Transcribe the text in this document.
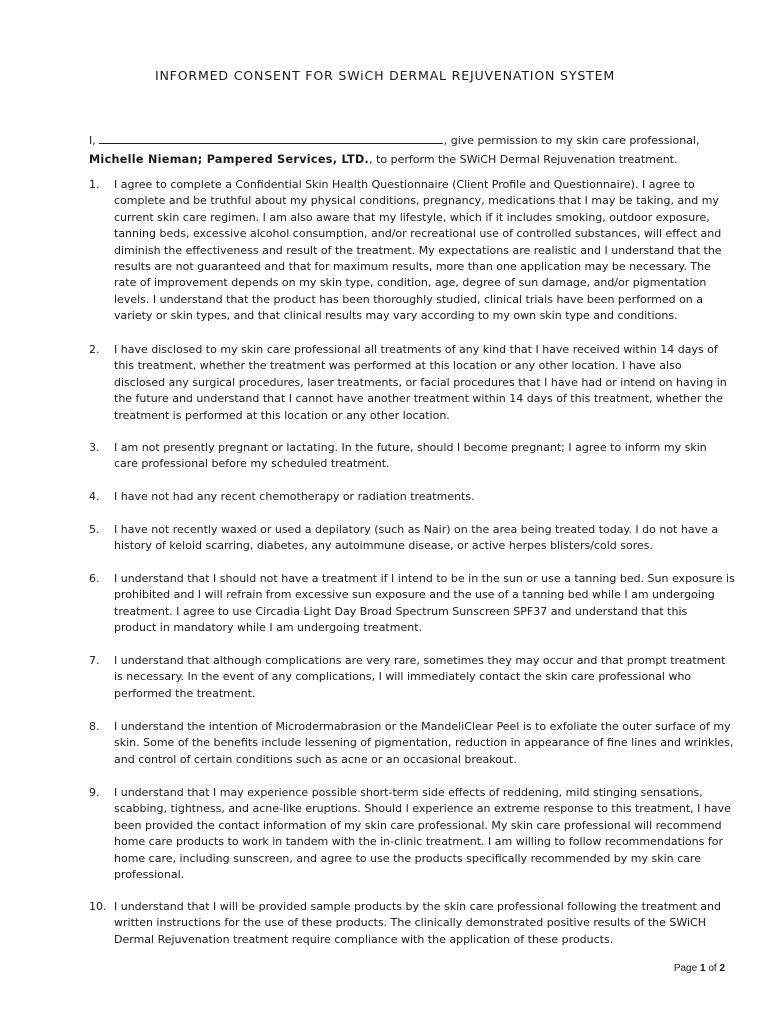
INFORMED CONSENT FOR SWiCH DERMAL REJUVENATION SYSTEM
I,	, give permission to my skin care professional,
Michelle Nieman; Pampered Services, LTD., to perform the SWiCH Dermal Rejuvenation treatment.
1.	I agree to complete a Confidential Skin Health Questionnaire (Client Profile and Questionnaire). I agree to
complete and be truthful about my physical conditions, pregnancy, medications that I may be taking, and my
current skin care regimen. I am also aware that my lifestyle, which if it includes smoking, outdoor exposure,
tanning beds, excessive alcohol consumption, and/or recreational use of controlled substances, will effect and
diminish the effectiveness and result of the treatment. My expectations are realistic and I understand that the
results are not guaranteed and that for maximum results, more than one application may be necessary. The
rate of improvement depends on my skin type, condition, age, degree of sun damage, and/or pigmentation
levels. I understand that the product has been thoroughly studied, clinical trials have been performed on a
variety or skin types, and that clinical results may vary according to my own skin type and conditions.
2.	I have disclosed to my skin care professional all treatments of any kind that I have received within 14 days of
this treatment, whether the treatment was performed at this location or any other location. I have also
disclosed any surgical procedures, laser treatments, or facial procedures that I have had or intend on having in
the future and understand that I cannot have another treatment within 14 days of this treatment, whether the
treatment is performed at this location or any other location.
3.	I am not presently pregnant or lactating. In the future, should I become pregnant; I agree to inform my skin
care professional before my scheduled treatment.
4.	I have not had any recent chemotherapy or radiation treatments.
5.	I have not recently waxed or used a depilatory (such as Nair) on the area being treated today. I do not have a
history of keloid scarring, diabetes, any autoimmune disease, or active herpes blisters/cold sores.
6.	I understand that I should not have a treatment if I intend to be in the sun or use a tanning bed. Sun exposure is
prohibited and I will refrain from excessive sun exposure and the use of a tanning bed while I am undergoing
treatment. I agree to use Circadia Light Day Broad Spectrum Sunscreen SPF37 and understand that this
product in mandatory while I am undergoing treatment.
7.	I understand that although complications are very rare, sometimes they may occur and that prompt treatment
is necessary. In the event of any complications, I will immediately contact the skin care professional who
performed the treatment.
8.	I understand the intention of Microdermabrasion or the MandeliClear Peel is to exfoliate the outer surface of my
skin. Some of the benefits include lessening of pigmentation, reduction in appearance of fine lines and wrinkles,
and control of certain conditions such as acne or an occasional breakout.
9.	I understand that I may experience possible short-term side effects of reddening, mild stinging sensations,
scabbing, tightness, and acne-like eruptions. Should I experience an extreme response to this treatment, I have
been provided the contact information of my skin care professional. My skin care professional will recommend
home care products to work in tandem with the in-clinic treatment. I am willing to follow recommendations for
home care, including sunscreen, and agree to use the products specifically recommended by my skin care
professional.
10. I understand that I will be provided sample products by the skin care professional following the treatment and
written instructions for the use of these products. The clinically demonstrated positive results of the SWiCH
Dermal Rejuvenation treatment require compliance with the application of these products.
Page 1 of 2
